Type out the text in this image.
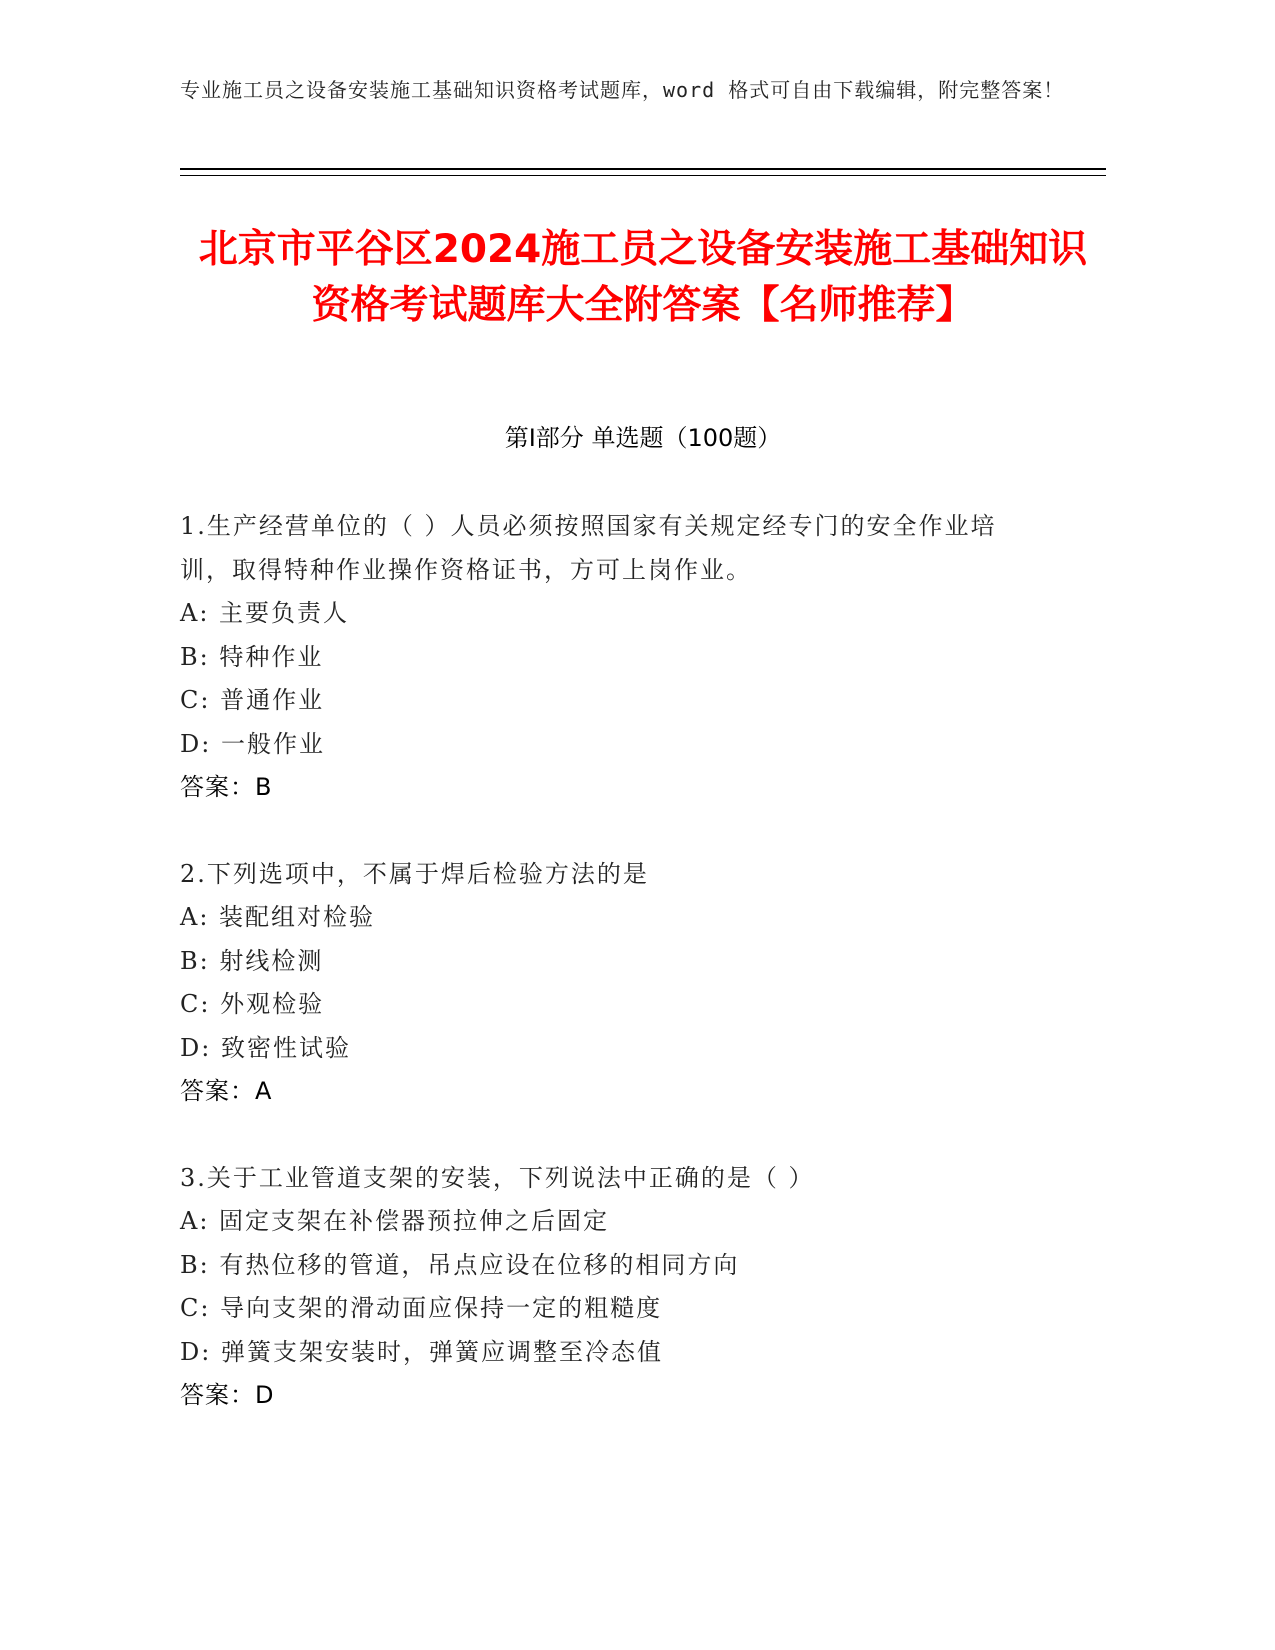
专业施工员之设备安装施工基础知识资格考试题库，word 格式可自由下载编辑，附完整答案！
北京市平谷区2024施工员之设备安装施工基础知识资格考试题库大全附答案【名师推荐】
第I部分 单选题（100题）
1.生产经营单位的（ ）人员必须按照国家有关规定经专门的安全作业培训，取得特种作业操作资格证书，方可上岗作业。
A: 主要负责人
B: 特种作业
C: 普通作业
D: 一般作业
答案：B
2.下列选项中，不属于焊后检验方法的是
A: 装配组对检验
B: 射线检测
C: 外观检验
D: 致密性试验
答案：A
3.关于工业管道支架的安装，下列说法中正确的是（ ）
A: 固定支架在补偿器预拉伸之后固定
B: 有热位移的管道，吊点应设在位移的相同方向
C: 导向支架的滑动面应保持一定的粗糙度
D: 弹簧支架安装时，弹簧应调整至冷态值
答案：D
